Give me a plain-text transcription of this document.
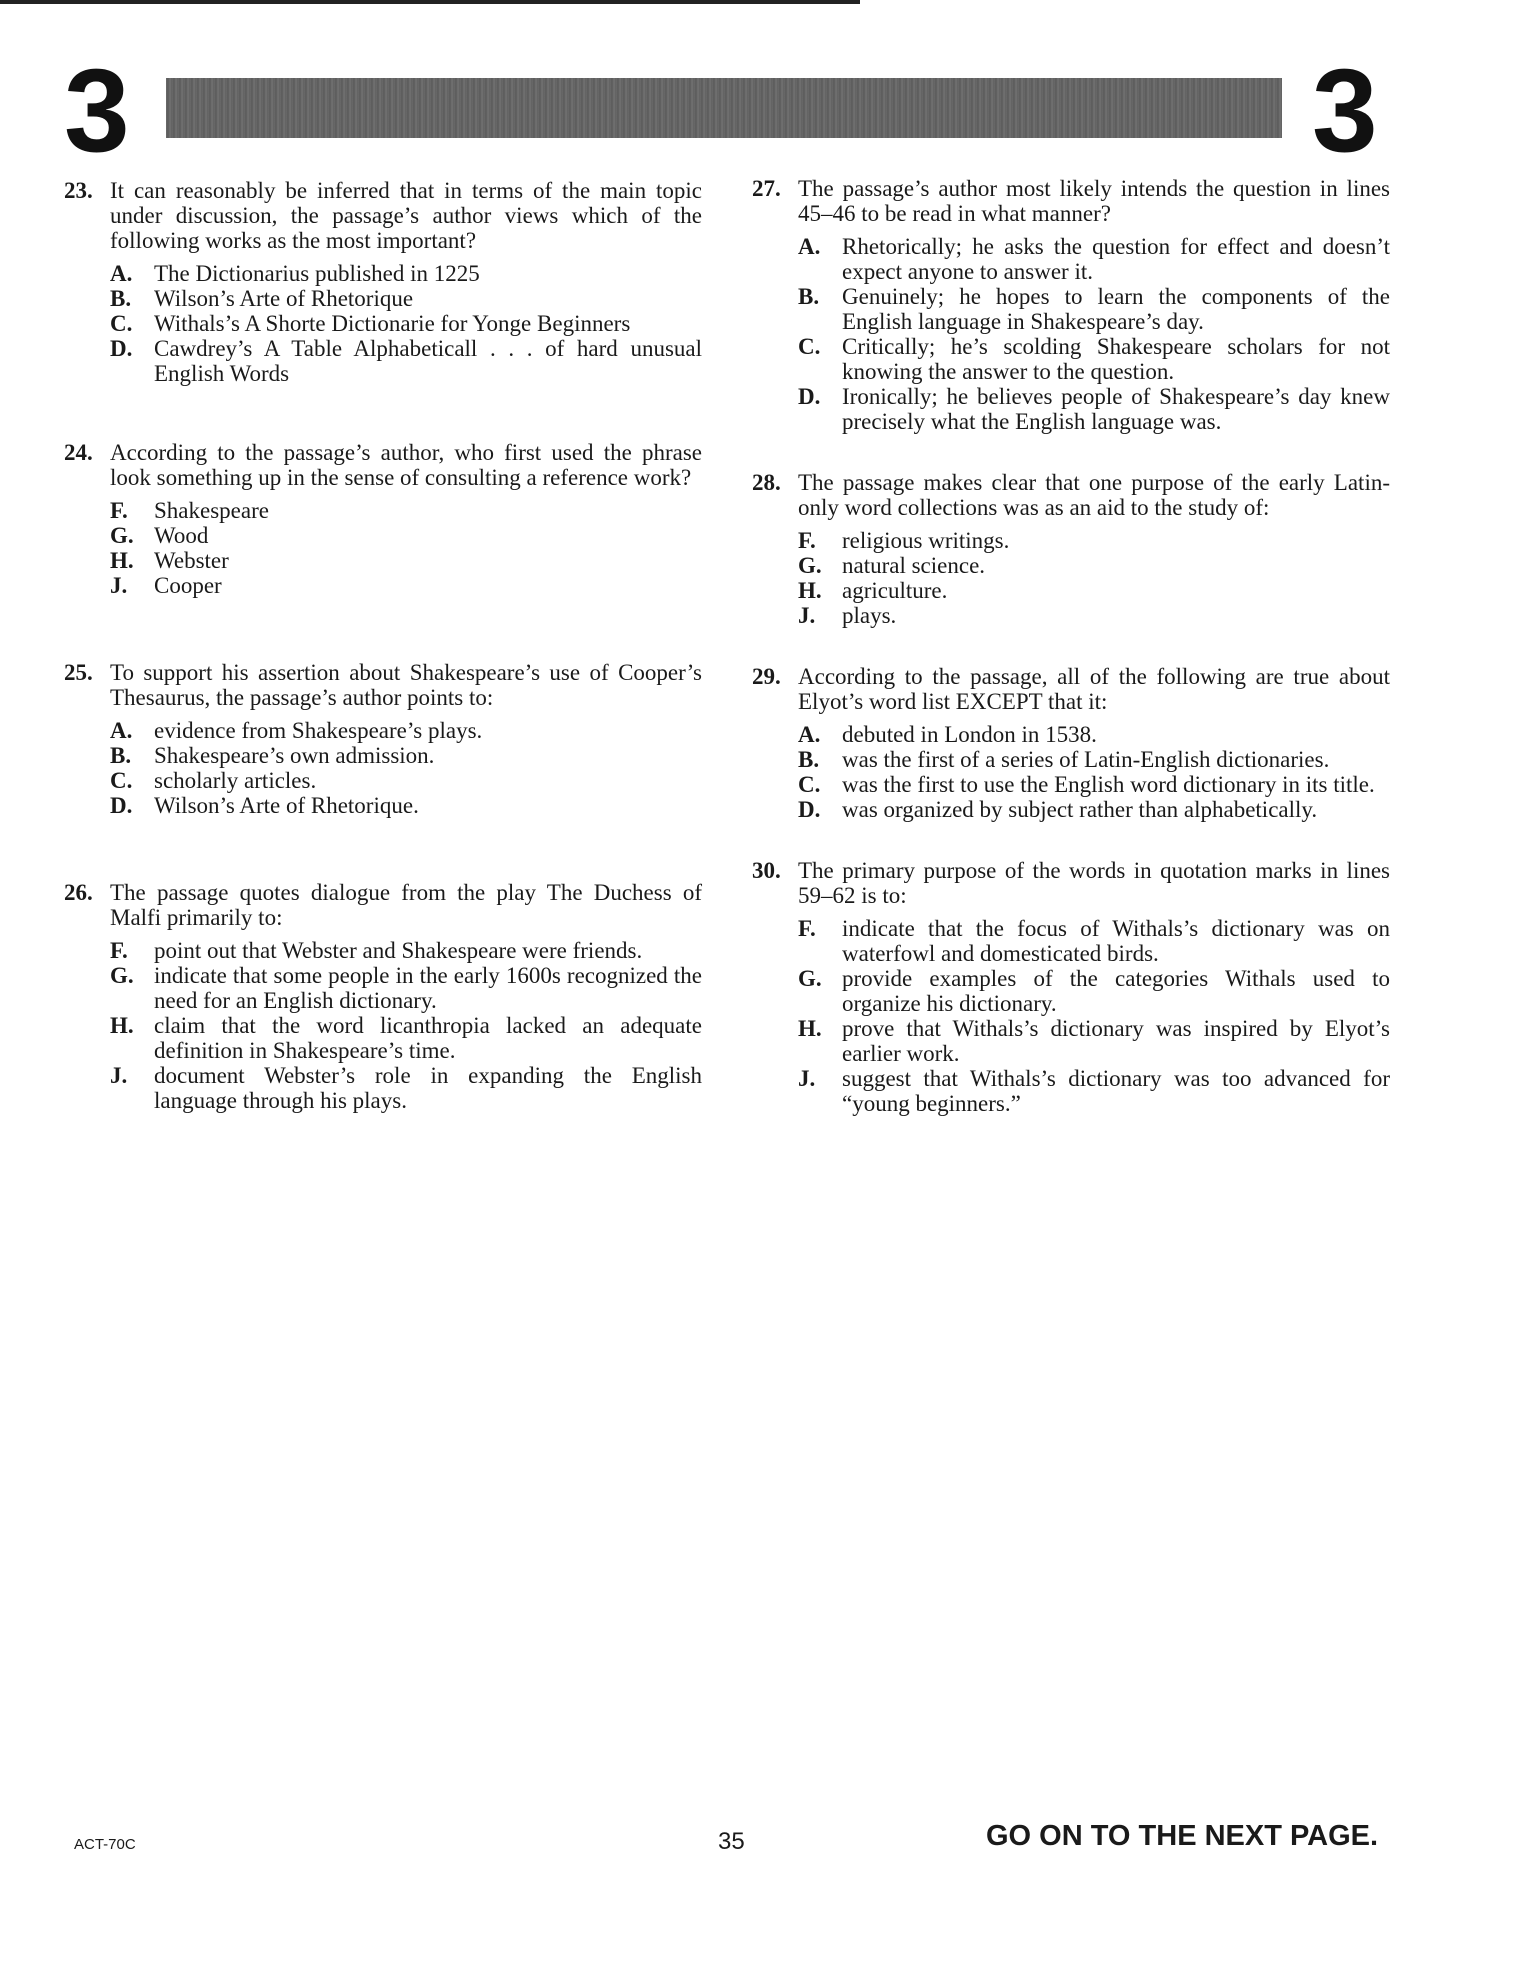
3	3
23. It can reasonably be inferred that in terms of the main topic under discussion, the passage’s author views which of the following works as the most important?
A. The Dictionarius published in 1225
B. Wilson’s Arte of Rhetorique
C. Withals’s A Shorte Dictionarie for Yonge Beginners
D. Cawdrey’s A Table Alphabeticall . . . of hard unusual English Words
24. According to the passage’s author, who first used the phrase look something up in the sense of consulting a reference work?
F.	Shakespeare
G. Wood
H. Webster
J.	Cooper
25. To support his assertion about Shakespeare’s use of Cooper’s Thesaurus, the passage’s author points to:
A. evidence from Shakespeare’s plays.
B. Shakespeare’s own admission.
C. scholarly articles.
D. Wilson’s Arte of Rhetorique.
26. The passage quotes dialogue from the play The Duchess of Malfi primarily to:
F.	point out that Webster and Shakespeare were friends.
G. indicate that some people in the early 1600s recognized the need for an English dictionary.
H. claim that the word licanthropia lacked an adequate definition in Shakespeare’s time.
J.	document Webster’s role in expanding the English language through his plays.
27. The passage’s author most likely intends the question in lines 45–46 to be read in what manner?
A. Rhetorically; he asks the question for effect and doesn’t expect anyone to answer it.
B. Genuinely; he hopes to learn the components of the English language in Shakespeare’s day.
C. Critically; he’s scolding Shakespeare scholars for not knowing the answer to the question.
D. Ironically; he believes people of Shakespeare’s day knew precisely what the English language was.
28. The passage makes clear that one purpose of the early Latin-only word collections was as an aid to the study of:
F.	religious writings.
G. natural science.
H. agriculture.
J.	plays.
29. According to the passage, all of the following are true about Elyot’s word list EXCEPT that it:
A. debuted in London in 1538.
B. was the first of a series of Latin-English dictionaries.
C. was the first to use the English word dictionary in its title.
D. was organized by subject rather than alphabetically.
30. The primary purpose of the words in quotation marks in lines 59–62 is to:
F.	indicate that the focus of Withals’s dictionary was on waterfowl and domesticated birds.
G. provide examples of the categories Withals used to organize his dictionary.
H. prove that Withals’s dictionary was inspired by Elyot’s earlier work.
J.	suggest that Withals’s dictionary was too advanced for “young beginners.”
ACT-70C	35	GO ON TO THE NEXT PAGE.
